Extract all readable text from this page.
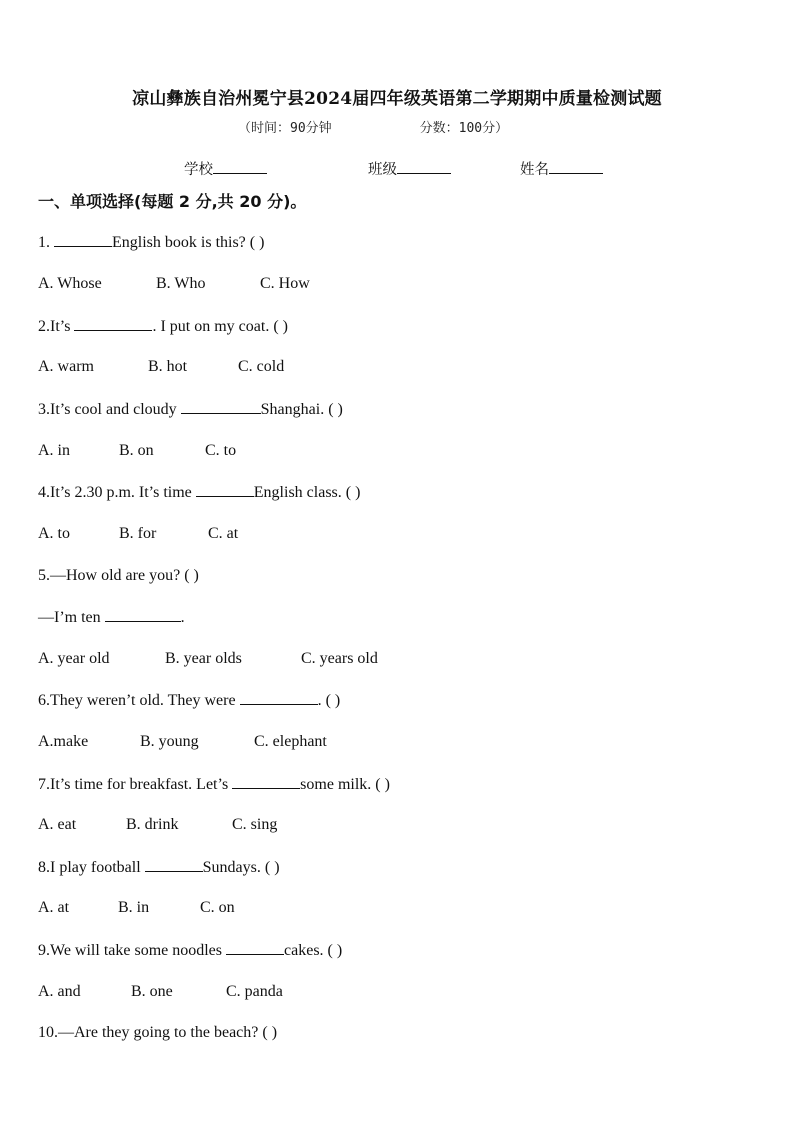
凉山彝族自治州冕宁县2024届四年级英语第二学期期中质量检测试题
（时间：90分钟	分数：100分）
学校	班级	姓名
一、单项选择(每题 2 分,共 20 分)。
1.	English book is this? ( )
A. Whose	B. Who	C. How
2.It’s	. I put on my coat. ( )
A. warm	B. hot	C. cold
3.It’s cool and cloudy	Shanghai. ( )
A. in	B. on	C. to
4.It’s 2.30 p.m. It’s time	English class. ( )
A. to	B. for	C. at
5.—How old are you? ( )
—I’m ten	.
A. year old	B. year olds	C. years old
6.They weren’t old. They were	. ( )
A.make	B. young	C. elephant
7.It’s time for breakfast. Let’s	some milk. ( )
A. eat	B. drink	C. sing
8.I play football	Sundays. ( )
A. at	B. in	C. on
9.We will take some noodles	cakes. ( )
A. and	B. one	C. panda
10.—Are they going to the beach? ( )
